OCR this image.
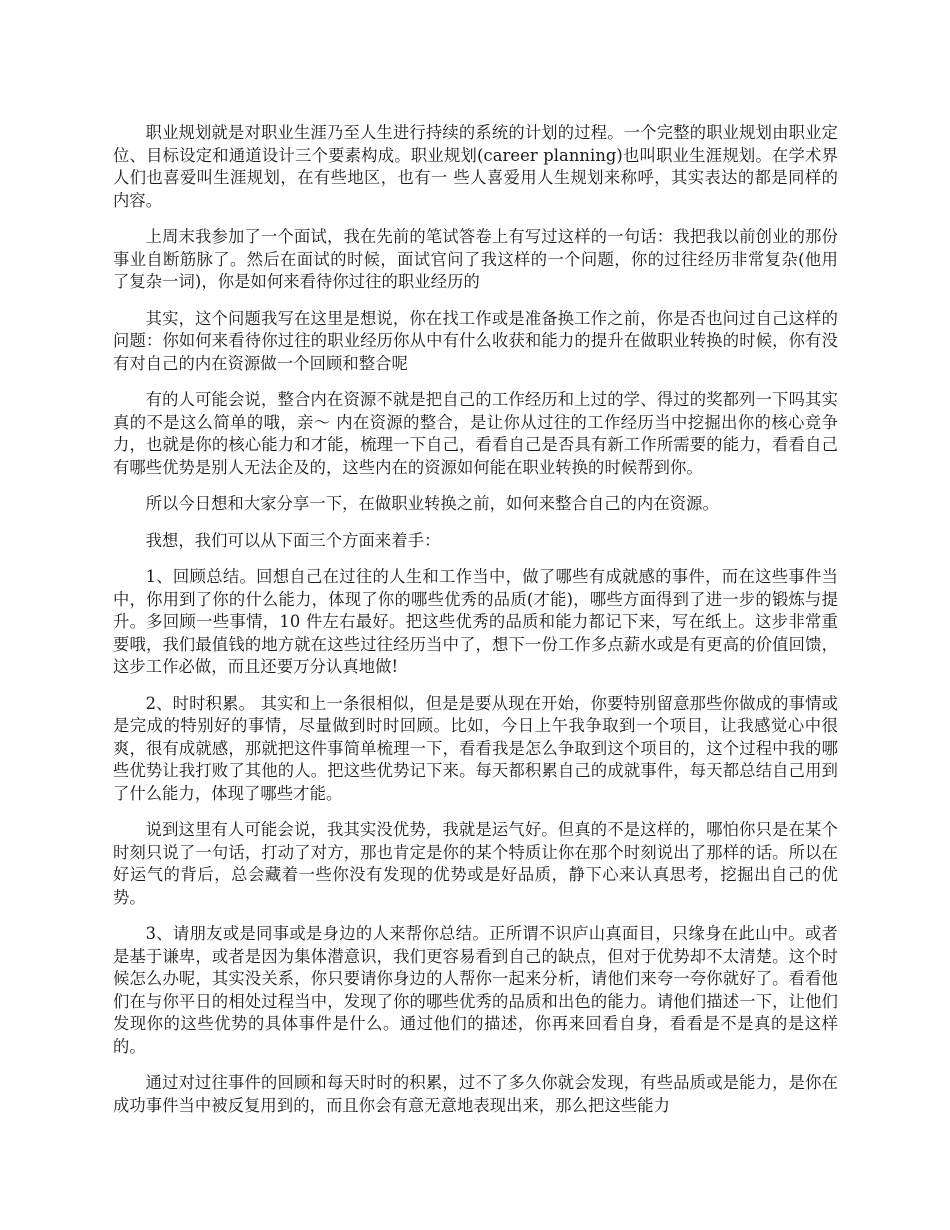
职业规划就是对职业生涯乃至人生进行持续的系统的计划的过程。一个完整的职业规划由职业定位、目标设定和通道设计三个要素构成。职业规划(career planning)也叫职业生涯规划。在学术界人们也喜爱叫生涯规划，在有些地区，也有一 些人喜爱用人生规划来称呼，其实表达的都是同样的内容。

上周末我参加了一个面试，我在先前的笔试答卷上有写过这样的一句话：我把我以前创业的那份事业自断筋脉了。然后在面试的时候，面试官问了我这样的一个问题，你的过往经历非常复杂(他用了复杂一词)，你是如何来看待你过往的职业经历的

其实，这个问题我写在这里是想说，你在找工作或是准备换工作之前，你是否也问过自己这样的问题：你如何来看待你过往的职业经历你从中有什么收获和能力的提升在做职业转换的时候，你有没有对自己的内在资源做一个回顾和整合呢

有的人可能会说，整合内在资源不就是把自己的工作经历和上过的学、得过的奖都列一下吗其实真的不是这么简单的哦，亲～ 内在资源的整合，是让你从过往的工作经历当中挖掘出你的核心竞争力，也就是你的核心能力和才能，梳理一下自己，看看自己是否具有新工作所需要的能力，看看自己有哪些优势是别人无法企及的，这些内在的资源如何能在职业转换的时候帮到你。

所以今日想和大家分享一下，在做职业转换之前，如何来整合自己的内在资源。

我想，我们可以从下面三个方面来着手：

1、回顾总结。回想自己在过往的人生和工作当中，做了哪些有成就感的事件，而在这些事件当中，你用到了你的什么能力，体现了你的哪些优秀的品质(才能)，哪些方面得到了进一步的锻炼与提升。多回顾一些事情，10 件左右最好。把这些优秀的品质和能力都记下来，写在纸上。这步非常重要哦，我们最值钱的地方就在这些过往经历当中了，想下一份工作多点薪水或是有更高的价值回馈，这步工作必做，而且还要万分认真地做!

2、时时积累。 其实和上一条很相似，但是是要从现在开始，你要特别留意那些你做成的事情或是完成的特别好的事情，尽量做到时时回顾。比如，今日上午我争取到一个项目，让我感觉心中很爽，很有成就感，那就把这件事简单梳理一下，看看我是怎么争取到这个项目的，这个过程中我的哪些优势让我打败了其他的人。把这些优势记下来。每天都积累自己的成就事件，每天都总结自己用到了什么能力，体现了哪些才能。

说到这里有人可能会说，我其实没优势，我就是运气好。但真的不是这样的，哪怕你只是在某个时刻只说了一句话，打动了对方，那也肯定是你的某个特质让你在那个时刻说出了那样的话。所以在好运气的背后，总会藏着一些你没有发现的优势或是好品质，静下心来认真思考，挖掘出自己的优势。

3、请朋友或是同事或是身边的人来帮你总结。正所谓不识庐山真面目，只缘身在此山中。或者是基于谦卑，或者是因为集体潜意识，我们更容易看到自己的缺点，但对于优势却不太清楚。这个时候怎么办呢，其实没关系，你只要请你身边的人帮你一起来分析，请他们来夸一夸你就好了。看看他们在与你平日的相处过程当中，发现了你的哪些优秀的品质和出色的能力。请他们描述一下，让他们发现你的这些优势的具体事件是什么。通过他们的描述，你再来回看自身，看看是不是真的是这样的。

通过对过往事件的回顾和每天时时的积累，过不了多久你就会发现，有些品质或是能力，是你在成功事件当中被反复用到的，而且你会有意无意地表现出来，那么把这些能力
